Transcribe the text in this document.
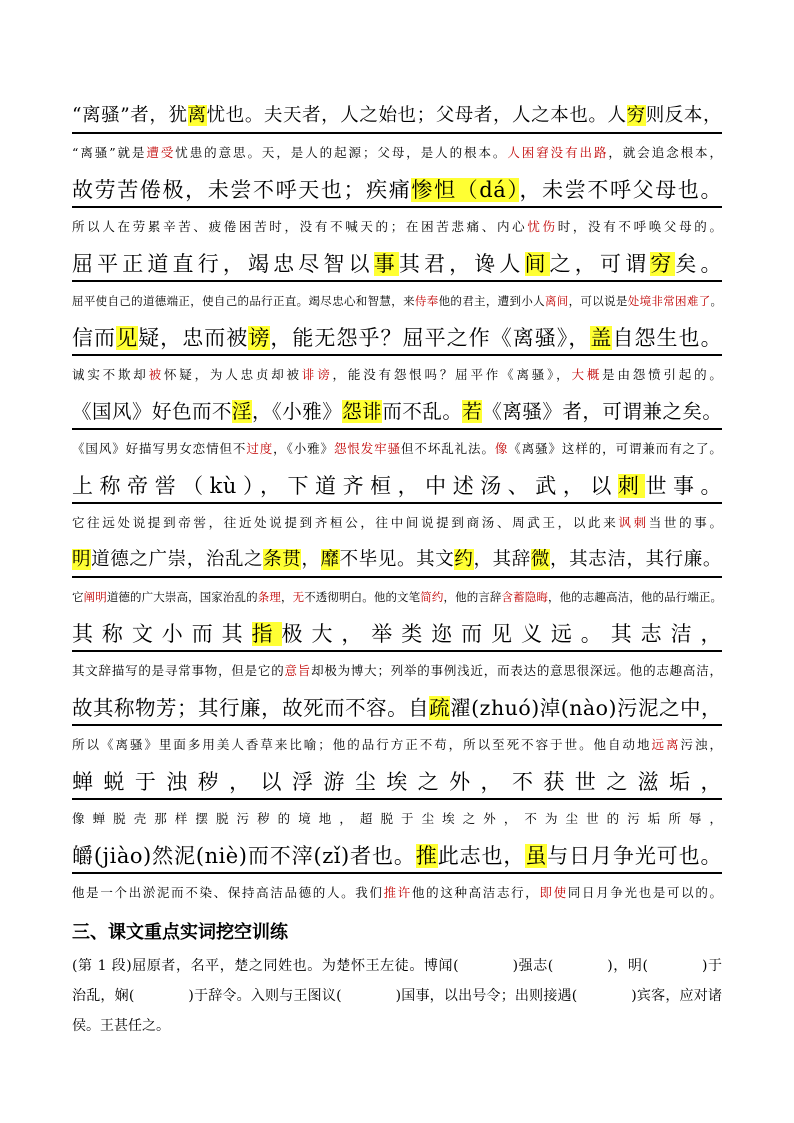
“离骚”者，犹离忧也。夫天者，人之始也；父母者，人之本也。人穷则反本，
“离骚”就是遭受忧患的意思。天，是人的起源；父母，是人的根本。人困窘没有出路，就会追念根本，
故劳苦倦极，未尝不呼天也；疾痛惨怛（dá），未尝不呼父母也。
所以人在劳累辛苦、疲倦困苦时，没有不喊天的；在困苦悲痛、内心忧伤时，没有不呼唤父母的。
屈平正道直行，竭忠尽智以事其君，谗人间之，可谓穷矣。
屈平使自己的道德端正，使自己的品行正直。竭尽忠心和智慧，来侍奉他的君主，遭到小人离间，可以说是处境非常困难了。
信而见疑，忠而被谤，能无怨乎？屈平之作《离骚》，盖自怨生也。
诚实不欺却被怀疑，为人忠贞却被诽谤，能没有怨恨吗？屈平作《离骚》，大概是由怨愤引起的。
《国风》好色而不淫，《小雅》怨诽而不乱。若《离骚》者，可谓兼之矣。
《国风》好描写男女恋情但不过度，《小雅》怨恨发牢骚但不坏乱礼法。像《离骚》这样的，可谓兼而有之了。
上称帝喾（kù），下道齐桓，中述汤、武，以刺世事。
它往远处说提到帝喾，往近处说提到齐桓公，往中间说提到商汤、周武王，以此来讽刺当世的事。
明道德之广崇，治乱之条贯，靡不毕见。其文约，其辞微，其志洁，其行廉。
它阐明道德的广大崇高，国家治乱的条理，无不透彻明白。他的文笔简约，他的言辞含蓄隐晦，他的志趣高洁，他的品行端正。
其称文小而其指极大，举类迩而见义远。其志洁，
其文辞描写的是寻常事物，但是它的意旨却极为博大；列举的事例浅近，而表达的意思很深远。他的志趣高洁，
故其称物芳；其行廉，故死而不容。自疏濯(zhuó)淖(nào)污泥之中，
所以《离骚》里面多用美人香草来比喻；他的品行方正不苟，所以至死不容于世。他自动地远离污浊，
蝉蜕于浊秽，以浮游尘埃之外，不获世之滋垢，
像蝉脱壳那样摆脱污秽的境地，超脱于尘埃之外，不为尘世的污垢所辱，
皭(jiào)然泥(niè)而不滓(zǐ)者也。推此志也，虽与日月争光可也。
他是一个出淤泥而不染、保持高洁品德的人。我们推许他的这种高洁志行，即使同日月争光也是可以的。
三、课文重点实词挖空训练
(第 1 段)屈原者，名平，楚之同姓也。为楚怀王左徒。博闻(	)强志(	)，明(	)于
治乱，娴(	)于辞令。入则与王图议(	)国事，以出号令；出则接遇(	)宾客，应对诸
侯。王甚任之。
